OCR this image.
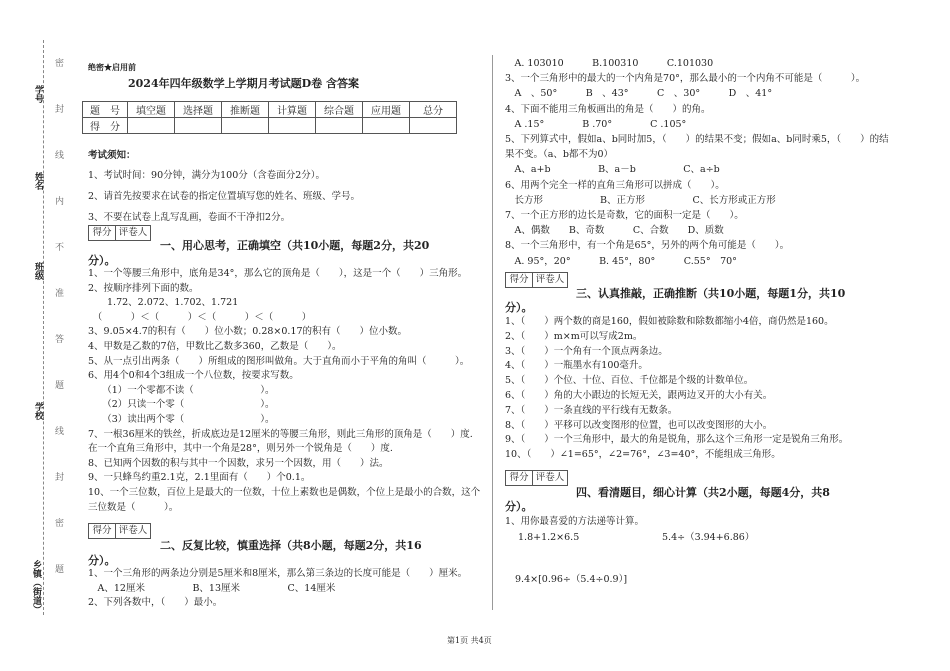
学号
姓名
班级
学校
乡镇（街道）
密
封
线
内
不
准
答
题
线
封
密
题
绝密★启用前
2024年四年级数学上学期月考试题D卷 含答案
题　号	填空题	选择题	推断题	计算题	综合题	应用题	总分
得　分							
考试须知：
1、考试时间：90分钟，满分为100分（含卷面分2分）。
2、请首先按要求在试卷的指定位置填写您的姓名、班级、学号。
3、不要在试卷上乱写乱画，卷面不干净扣2分。
得分 评卷人
一、用心思考，正确填空（共10小题，每题2分，共20
分）。
1、一个等腰三角形中，底角是34°，那么它的顶角是（　　），这是一个（　　）三角形。
2、按顺序排列下面的数。
　　1.72、2.072、1.702、1.721
　（　　　）＜（　　　）＜（　　　）＜（　　　）
3、9.05×4.7的积有（　　）位小数；0.28×0.17的积有（　　）位小数。
4、甲数是乙数的7倍，甲数比乙数多360，乙数是（　　）。
5、从一点引出两条（　　）所组成的图形叫做角。大于直角而小于平角的角叫（　　　）。
6、用4个0和4个3组成一个八位数，按要求写数。
　　（1）一个零都不读（　　　　　　　）。
　　（2）只读一个零（　　　　　　　　）。
　　（3）读出两个零（　　　　　　　　）。
7、一根36厘米的铁丝，折成底边是12厘米的等腰三角形，则此三角形的顶角是（　　）度.
在一个直角三角形中，其中一个角是28°，则另外一个锐角是（　　）度.
8、已知两个因数的积与其中一个因数，求另一个因数，用（　　）法。
9、一只蜂鸟约重2.1克，2.1里面有（　　）个0.1。
10、一个三位数，百位上是最大的一位数，十位上素数也是偶数，个位上是最小的合数，这个
三位数是（　　　）。
得分 评卷人
二、反复比较，慎重选择（共8小题，每题2分，共16
分）。
1、一个三角形的两条边分别是5厘米和8厘米，那么第三条边的长度可能是（　　）厘米。
　A、12厘米　　　　　B、13厘米　　　　　C、14厘米
2、下列各数中，（　　）最小。
　A. 103010　　　B.100310　　　C.101030
3、一个三角形中的最大的一个内角是70°，那么最小的一个内角不可能是（　　　）。
　A　、50°　　　B　、43°　　　C　、30°　　　D　、41°
4、下面不能用三角板画出的角是（　　）的角。
　A .15°　　　　B .70°　　　　C .105°
5、下列算式中，假如a、b同时加5，（　　）的结果不变；假如a、b同时乘5，（　　）的结
果不变。（a、b都不为0）
　A、a+b　　　　　B、a－b　　　　　C、a÷b
6、用两个完全一样的直角三角形可以拼成（　　）。
　长方形　　　　　　B、正方形　　　　　C、长方形或正方形
7、一个正方形的边长是奇数，它的面积一定是（　　）。
　A、偶数　　B、奇数　　　C、合数　　D、质数
8、一个三角形中，有一个角是65°，另外的两个角可能是（　　）。
　A. 95°，20°　　　B. 45°，80°　　　C.55°　70°
得分 评卷人
三、认真推敲，正确推断（共10小题，每题1分，共10
分）。
1、（　　）两个数的商是160，假如被除数和除数都缩小4倍，商仍然是160。
2、（　　）m×m可以写成2m。
3、（　　）一个角有一个顶点两条边。
4、（　　）一瓶墨水有100毫升。
5、（　　）个位、十位、百位、千位都是个级的计数单位。
6、（　　）角的大小跟边的长短无关，跟两边叉开的大小有关。
7、（　　）一条直线的平行线有无数条。
8、（　　）平移可以改变图形的位置，也可以改变图形的大小。
9、（　　）一个三角形中，最大的角是锐角，那么这个三角形一定是锐角三角形。
10、（　　）∠1=65°，∠2=76°，∠3=40°，不能组成三角形。
得分 评卷人
四、看清题目，细心计算（共2小题，每题4分，共8
分）。
1、用你最喜爱的方法递等计算。
1.8+1.2×6.5	5.4÷（3.94+6.86）
9.4×[0.96÷（5.4÷0.9）]
第1页 共4页
